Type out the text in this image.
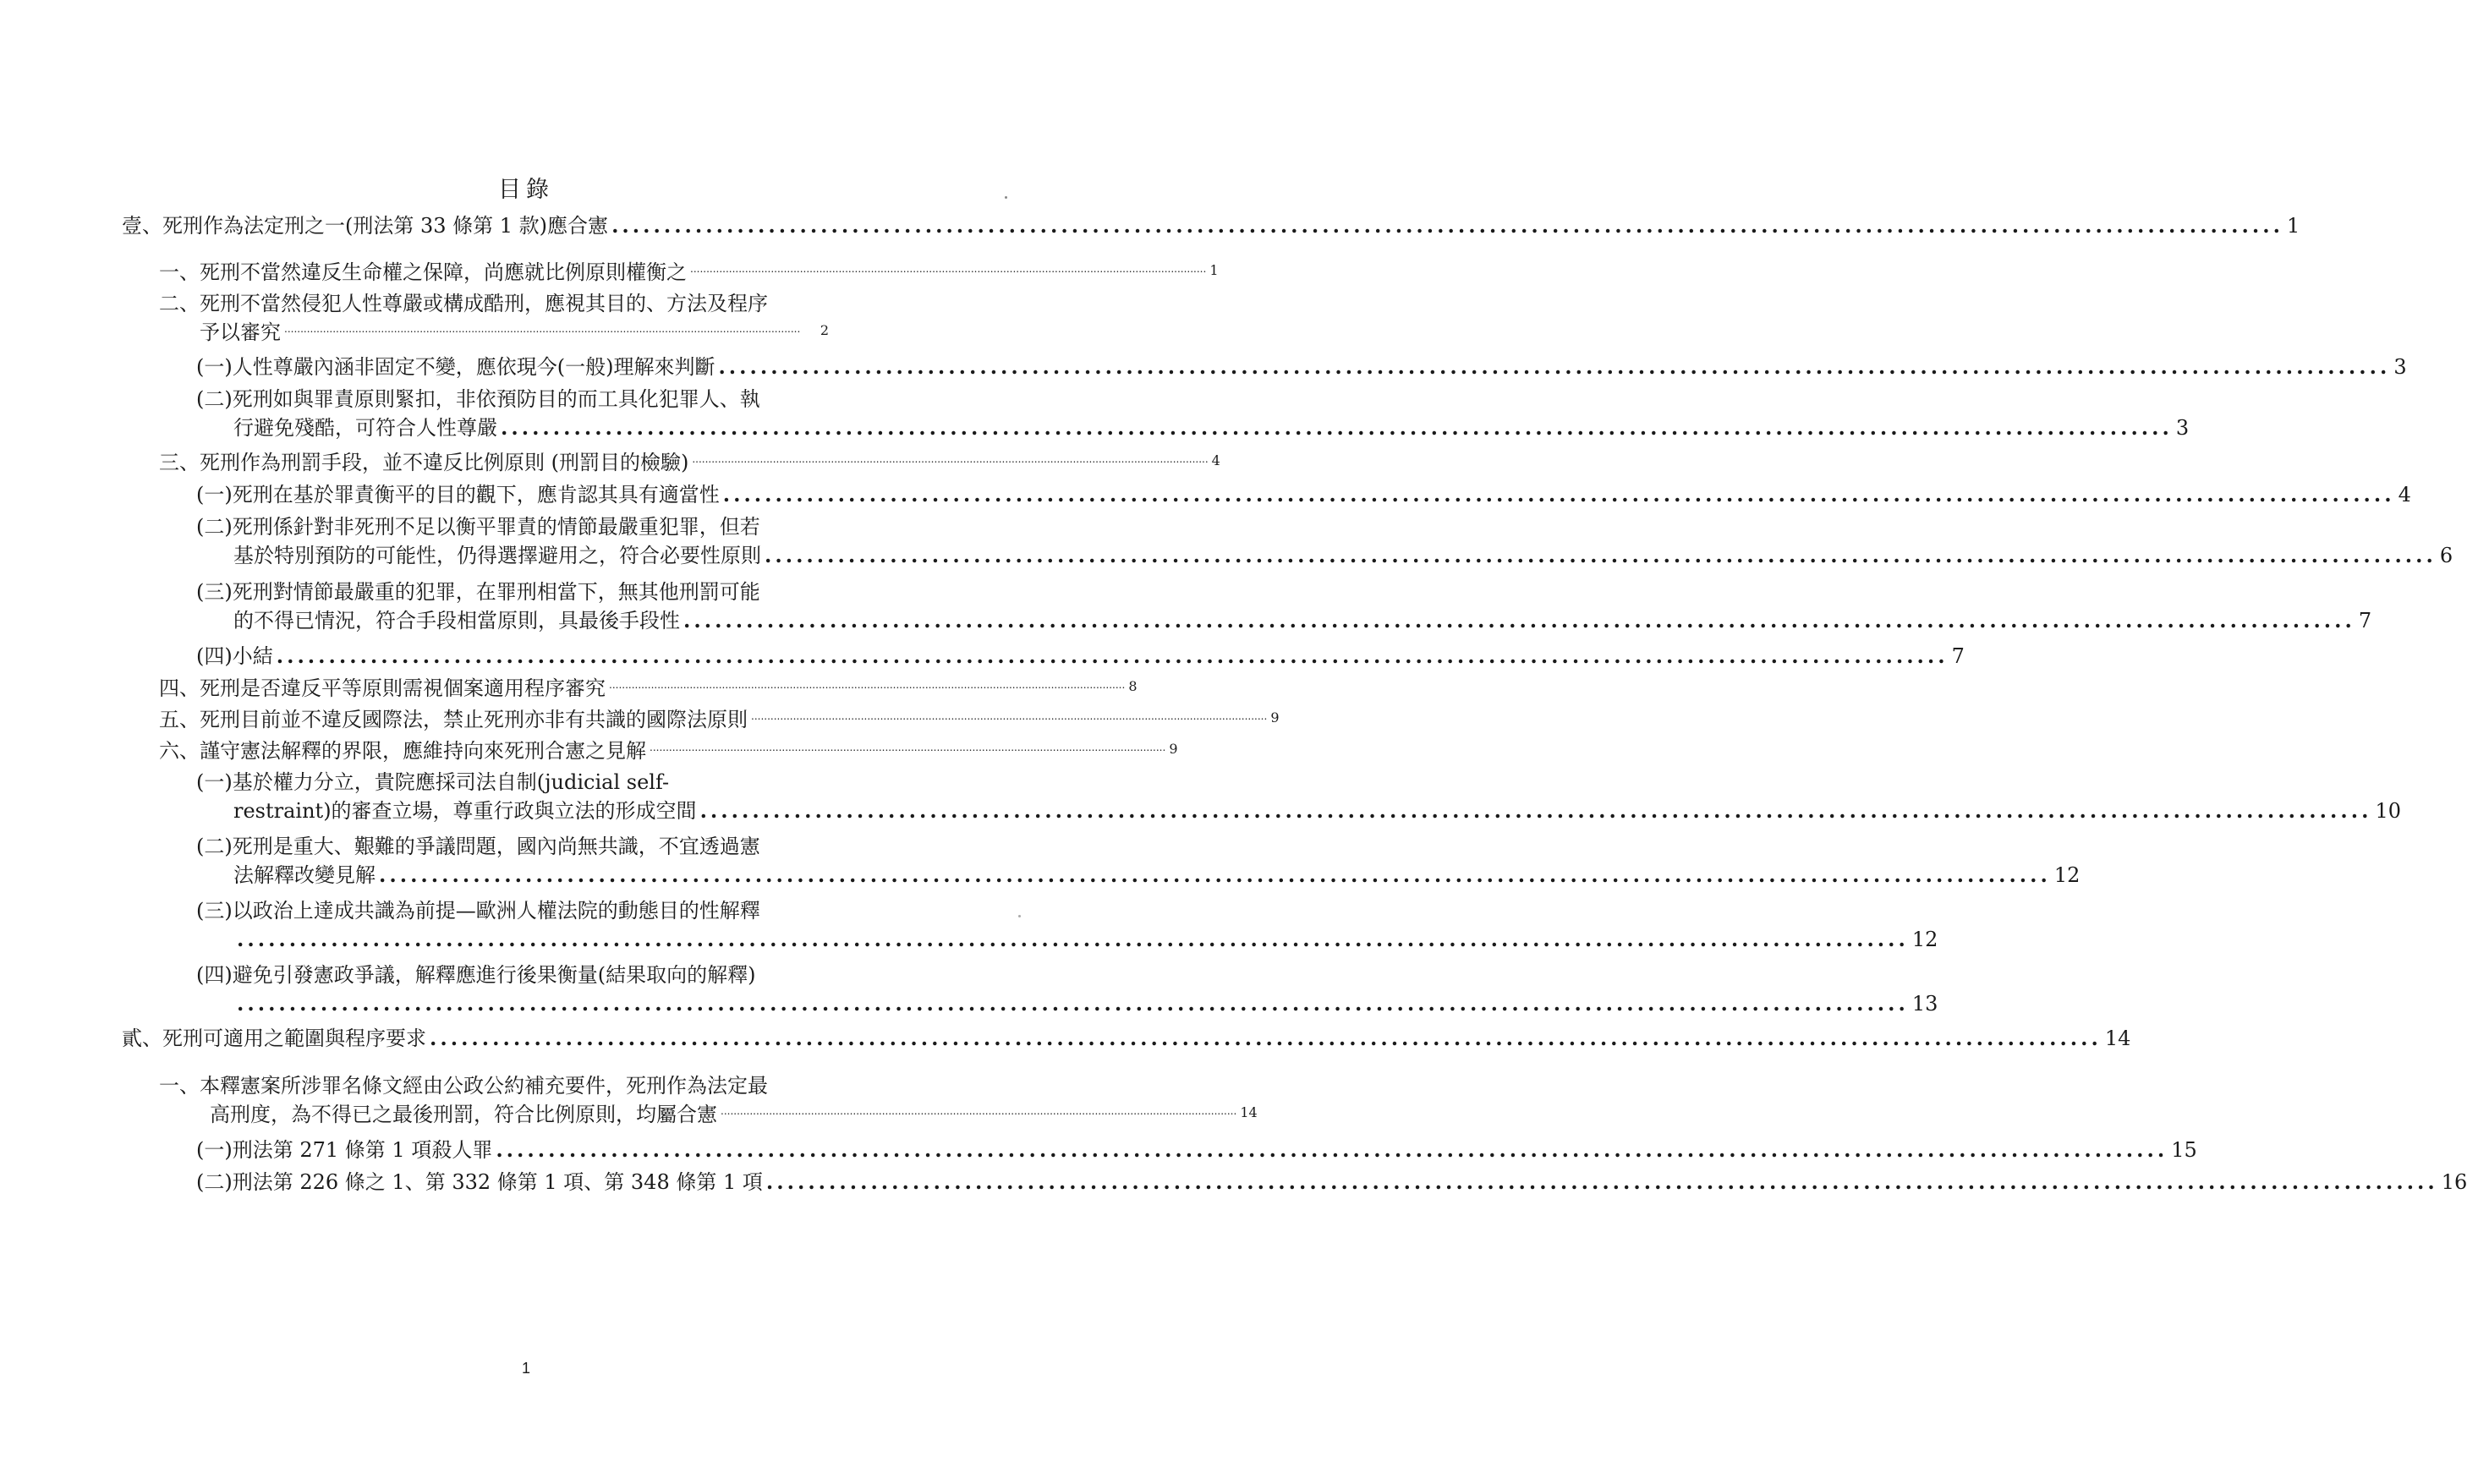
目錄
壹、死刑作為法定刑之一(刑法第 33 條第 1 款)應合憲 ................................................................................................................................................................ 1
一、死刑不當然違反生命權之保障，尚應就比例原則權衡之 ................................................................................................................................................................ 1
二、死刑不當然侵犯人性尊嚴或構成酷刑，應視其目的、方法及程序
予以審究 ................................................................................................................................................................	2
(一)人性尊嚴內涵非固定不變，應依現今(一般)理解來判斷 ................................................................................................................................................................ 3
(二)死刑如與罪責原則緊扣，非依預防目的而工具化犯罪人、執
行避免殘酷，可符合人性尊嚴 ................................................................................................................................................................ 3
三、死刑作為刑罰手段，並不違反比例原則 (刑罰目的檢驗) ................................................................................................................................................................ 4
(一)死刑在基於罪責衡平的目的觀下，應肯認其具有適當性 ................................................................................................................................................................ 4
(二)死刑係針對非死刑不足以衡平罪責的情節最嚴重犯罪，但若
基於特別預防的可能性，仍得選擇避用之，符合必要性原則 ................................................................................................................................................................ 6
(三)死刑對情節最嚴重的犯罪，在罪刑相當下，無其他刑罰可能
的不得已情況，符合手段相當原則，具最後手段性 ................................................................................................................................................................ 7
(四)小結 ................................................................................................................................................................ 7
四、死刑是否違反平等原則需視個案適用程序審究 ................................................................................................................................................................ 8
五、死刑目前並不違反國際法，禁止死刑亦非有共識的國際法原則 ................................................................................................................................................................ 9
六、謹守憲法解釋的界限，應維持向來死刑合憲之見解 ................................................................................................................................................................ 9
(一)基於權力分立，貴院應採司法自制(judicial self-
restraint)的審查立場，尊重行政與立法的形成空間 ................................................................................................................................................................ 10
(二)死刑是重大、艱難的爭議問題，國內尚無共識，不宜透過憲
法解釋改變見解 ................................................................................................................................................................ 12
(三)以政治上達成共識為前提—歐洲人權法院的動態目的性解釋
................................................................................................................................................................ 12
(四)避免引發憲政爭議，解釋應進行後果衡量(結果取向的解釋)
................................................................................................................................................................ 13
貳、死刑可適用之範圍與程序要求 ................................................................................................................................................................ 14
一、本釋憲案所涉罪名條文經由公政公約補充要件，死刑作為法定最
高刑度，為不得已之最後刑罰，符合比例原則，均屬合憲 ................................................................................................................................................................ 14
(一)刑法第 271 條第 1 項殺人罪 ................................................................................................................................................................ 15
(二)刑法第 226 條之 1、第 332 條第 1 項、第 348 條第 1 項 ................................................................................................................................................................ 16
1
